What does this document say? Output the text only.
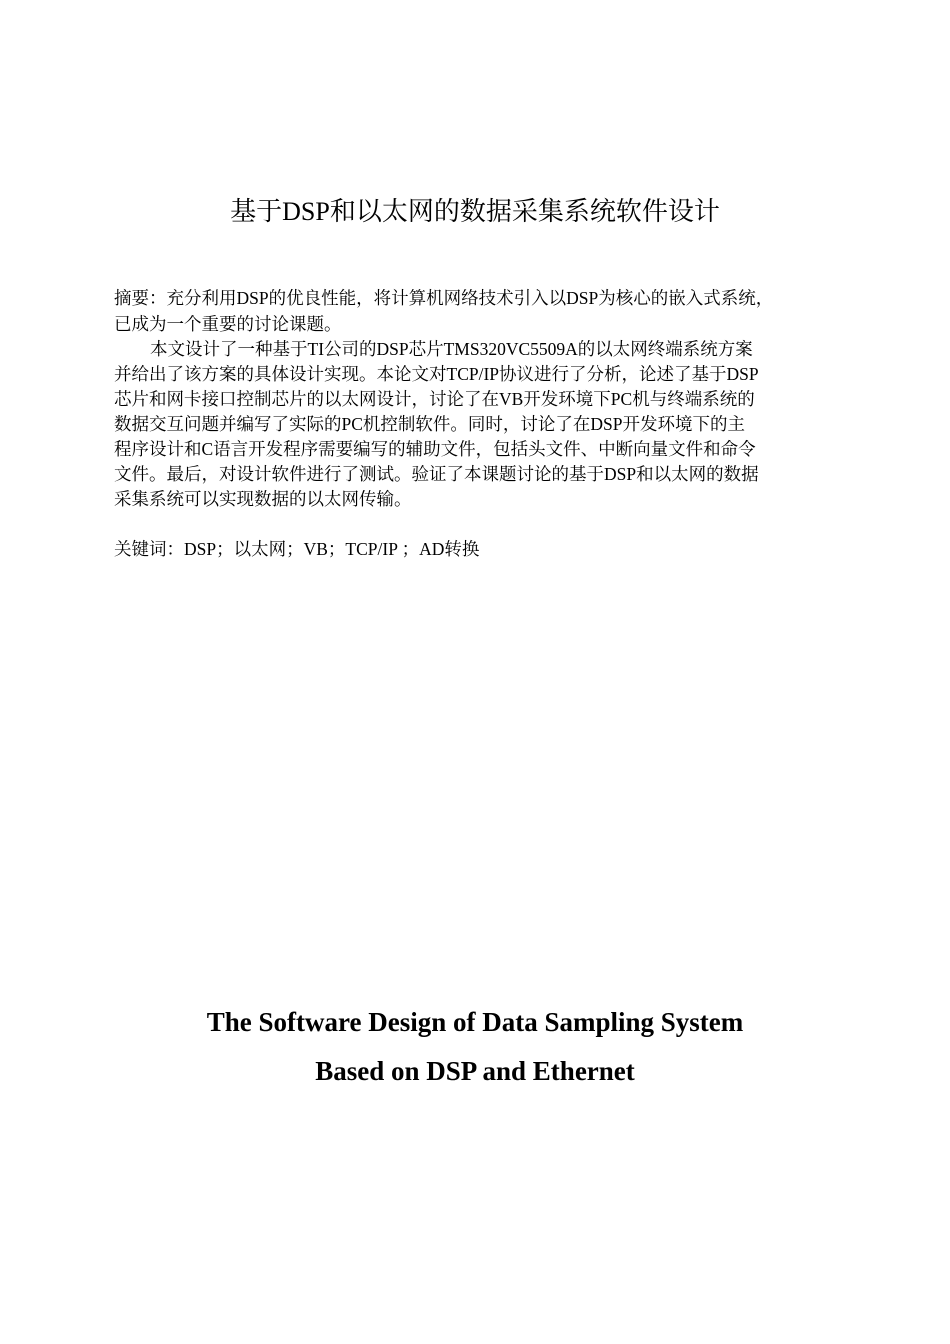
基于DSP和以太网的数据采集系统软件设计

摘要：充分利用DSP的优良性能，将计算机网络技术引入以DSP为核心的嵌入式系统，
已成为一个重要的讨论课题。

本文设计了一种基于TI公司的DSP芯片TMS320VC5509A的以太网终端系统方案
并给出了该方案的具体设计实现。本论文对TCP/IP协议进行了分析，论述了基于DSP
芯片和网卡接口控制芯片的以太网设计，讨论了在VB开发环境下PC机与终端系统的
数据交互问题并编写了实际的PC机控制软件。同时，讨论了在DSP开发环境下的主
程序设计和C语言开发程序需要编写的辅助文件，包括头文件、中断向量文件和命令
文件。最后，对设计软件进行了测试。验证了本课题讨论的基于DSP和以太网的数据
采集系统可以实现数据的以太网传输。

关键词：DSP；以太网；VB；TCP/IP ；AD转换
The Software Design of Data Sampling System
Based on DSP and Ethernet
